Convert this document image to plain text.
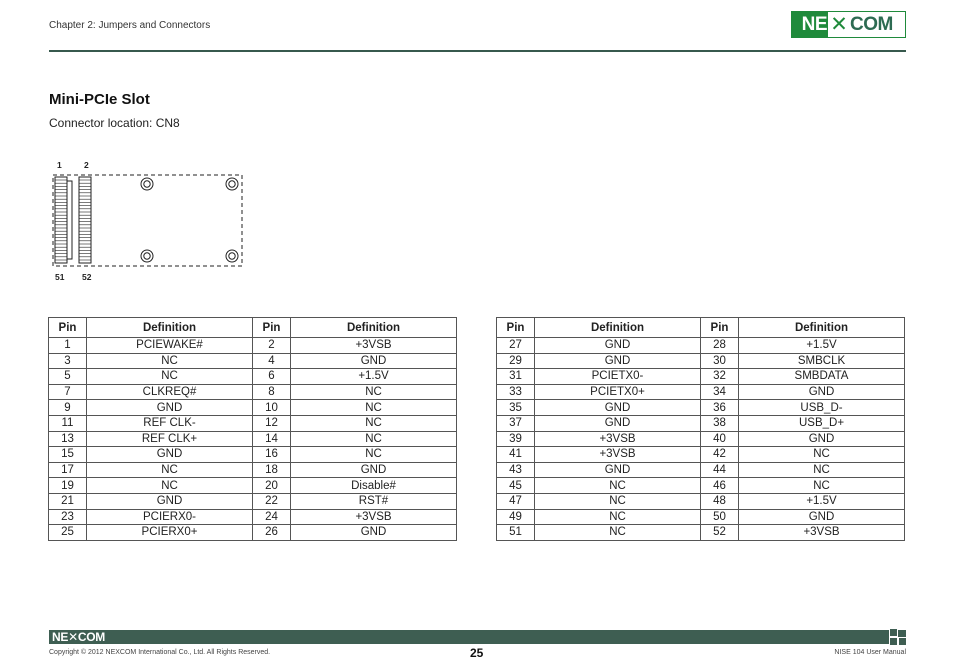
Chapter 2: Jumpers and Connectors	NE ✕ COM
Mini-PCIe Slot
Connector location: CN8
1	2
51 52
Pin	Definition	Pin	Definition
1	PCIEWAKE#	2	+3VSB
3	NC	4	GND
5	NC	6	+1.5V
7	CLKREQ#	8	NC
9	GND	10	NC
11	REF CLK-	12	NC
13	REF CLK+	14	NC
15	GND	16	NC
17	NC	18	GND
19	NC	20	Disable#
21	GND	22	RST#
23	PCIERX0-	24	+3VSB
25	PCIERX0+	26	GND
Pin	Definition	Pin	Definition
27	GND	28	+1.5V
29	GND	30	SMBCLK
31	PCIETX0-	32	SMBDATA
33	PCIETX0+	34	GND
35	GND	36	USB_D-
37	GND	38	USB_D+
39	+3VSB	40	GND
41	+3VSB	42	NC
43	GND	44	NC
45	NC	46	NC
47	NC	48	+1.5V
49	NC	50	GND
51	NC	52	+3VSB
NE✕COM
Copyright © 2012 NEXCOM International Co., Ltd. All Rights Reserved.	25	NISE 104 User Manual
